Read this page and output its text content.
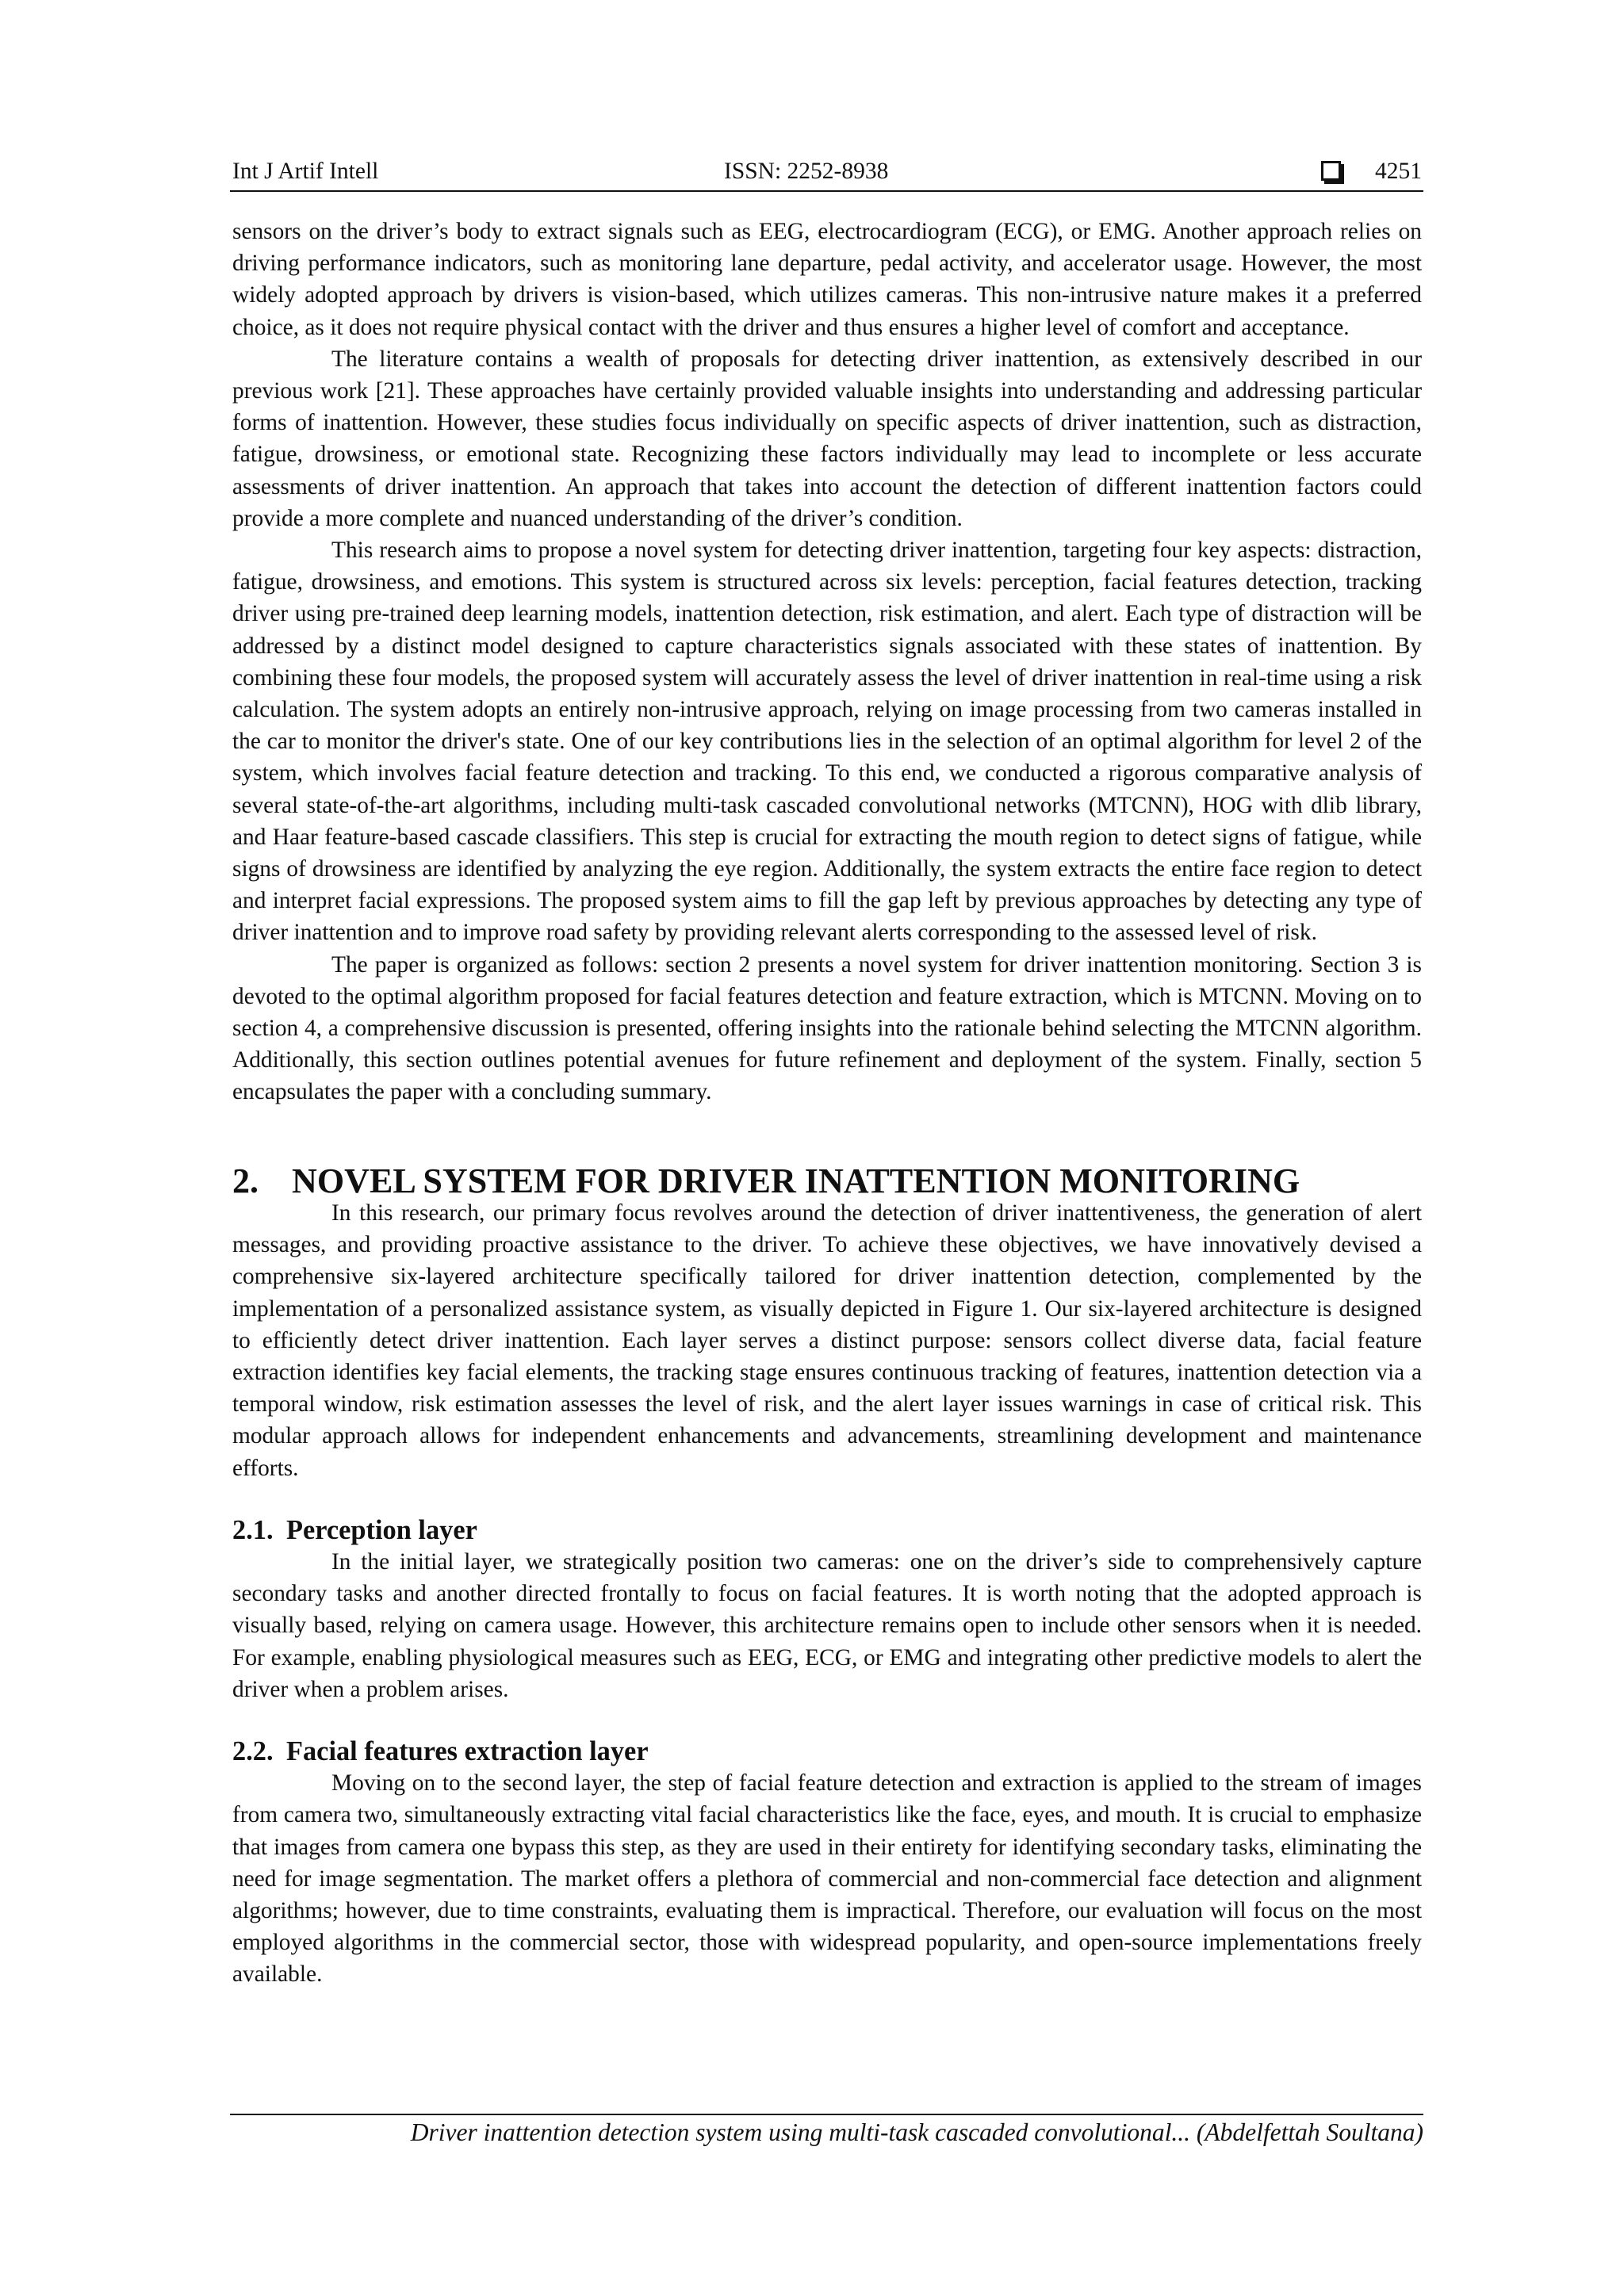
Int J Artif Intell	ISSN: 2252-8938	4251

sensors on the driver’s body to extract signals such as EEG, electrocardiogram (ECG), or EMG. Another approach relies on driving performance indicators, such as monitoring lane departure, pedal activity, and accelerator usage. However, the most widely adopted approach by drivers is vision-based, which utilizes cameras. This non-intrusive nature makes it a preferred choice, as it does not require physical contact with the driver and thus ensures a higher level of comfort and acceptance.

The literature contains a wealth of proposals for detecting driver inattention, as extensively described in our previous work [21]. These approaches have certainly provided valuable insights into understanding and addressing particular forms of inattention. However, these studies focus individually on specific aspects of driver inattention, such as distraction, fatigue, drowsiness, or emotional state. Recognizing these factors individually may lead to incomplete or less accurate assessments of driver inattention. An approach that takes into account the detection of different inattention factors could provide a more complete and nuanced understanding of the driver’s condition.

This research aims to propose a novel system for detecting driver inattention, targeting four key aspects: distraction, fatigue, drowsiness, and emotions. This system is structured across six levels: perception, facial features detection, tracking driver using pre-trained deep learning models, inattention detection, risk estimation, and alert. Each type of distraction will be addressed by a distinct model designed to capture characteristics signals associated with these states of inattention. By combining these four models, the proposed system will accurately assess the level of driver inattention in real-time using a risk calculation. The system adopts an entirely non-intrusive approach, relying on image processing from two cameras installed in the car to monitor the driver's state. One of our key contributions lies in the selection of an optimal algorithm for level 2 of the system, which involves facial feature detection and tracking. To this end, we conducted a rigorous comparative analysis of several state-of-the-art algorithms, including multi-task cascaded convolutional networks (MTCNN), HOG with dlib library, and Haar feature-based cascade classifiers. This step is crucial for extracting the mouth region to detect signs of fatigue, while signs of drowsiness are identified by analyzing the eye region. Additionally, the system extracts the entire face region to detect and interpret facial expressions. The proposed system aims to fill the gap left by previous approaches by detecting any type of driver inattention and to improve road safety by providing relevant alerts corresponding to the assessed level of risk.

The paper is organized as follows: section 2 presents a novel system for driver inattention monitoring. Section 3 is devoted to the optimal algorithm proposed for facial features detection and feature extraction, which is MTCNN. Moving on to section 4, a comprehensive discussion is presented, offering insights into the rationale behind selecting the MTCNN algorithm. Additionally, this section outlines potential avenues for future refinement and deployment of the system. Finally, section 5 encapsulates the paper with a concluding summary.

2. NOVEL SYSTEM FOR DRIVER INATTENTION MONITORING

In this research, our primary focus revolves around the detection of driver inattentiveness, the generation of alert messages, and providing proactive assistance to the driver. To achieve these objectives, we have innovatively devised a comprehensive six-layered architecture specifically tailored for driver inattention detection, complemented by the implementation of a personalized assistance system, as visually depicted in Figure 1. Our six-layered architecture is designed to efficiently detect driver inattention. Each layer serves a distinct purpose: sensors collect diverse data, facial feature extraction identifies key facial elements, the tracking stage ensures continuous tracking of features, inattention detection via a temporal window, risk estimation assesses the level of risk, and the alert layer issues warnings in case of critical risk. This modular approach allows for independent enhancements and advancements, streamlining development and maintenance efforts.

2.1. Perception layer

In the initial layer, we strategically position two cameras: one on the driver’s side to comprehensively capture secondary tasks and another directed frontally to focus on facial features. It is worth noting that the adopted approach is visually based, relying on camera usage. However, this architecture remains open to include other sensors when it is needed. For example, enabling physiological measures such as EEG, ECG, or EMG and integrating other predictive models to alert the driver when a problem arises.

2.2. Facial features extraction layer

Moving on to the second layer, the step of facial feature detection and extraction is applied to the stream of images from camera two, simultaneously extracting vital facial characteristics like the face, eyes, and mouth. It is crucial to emphasize that images from camera one bypass this step, as they are used in their entirety for identifying secondary tasks, eliminating the need for image segmentation. The market offers a plethora of commercial and non-commercial face detection and alignment algorithms; however, due to time constraints, evaluating them is impractical. Therefore, our evaluation will focus on the most employed algorithms in the commercial sector, those with widespread popularity, and open-source implementations freely available.

Driver inattention detection system using multi-task cascaded convolutional... (Abdelfettah Soultana)
